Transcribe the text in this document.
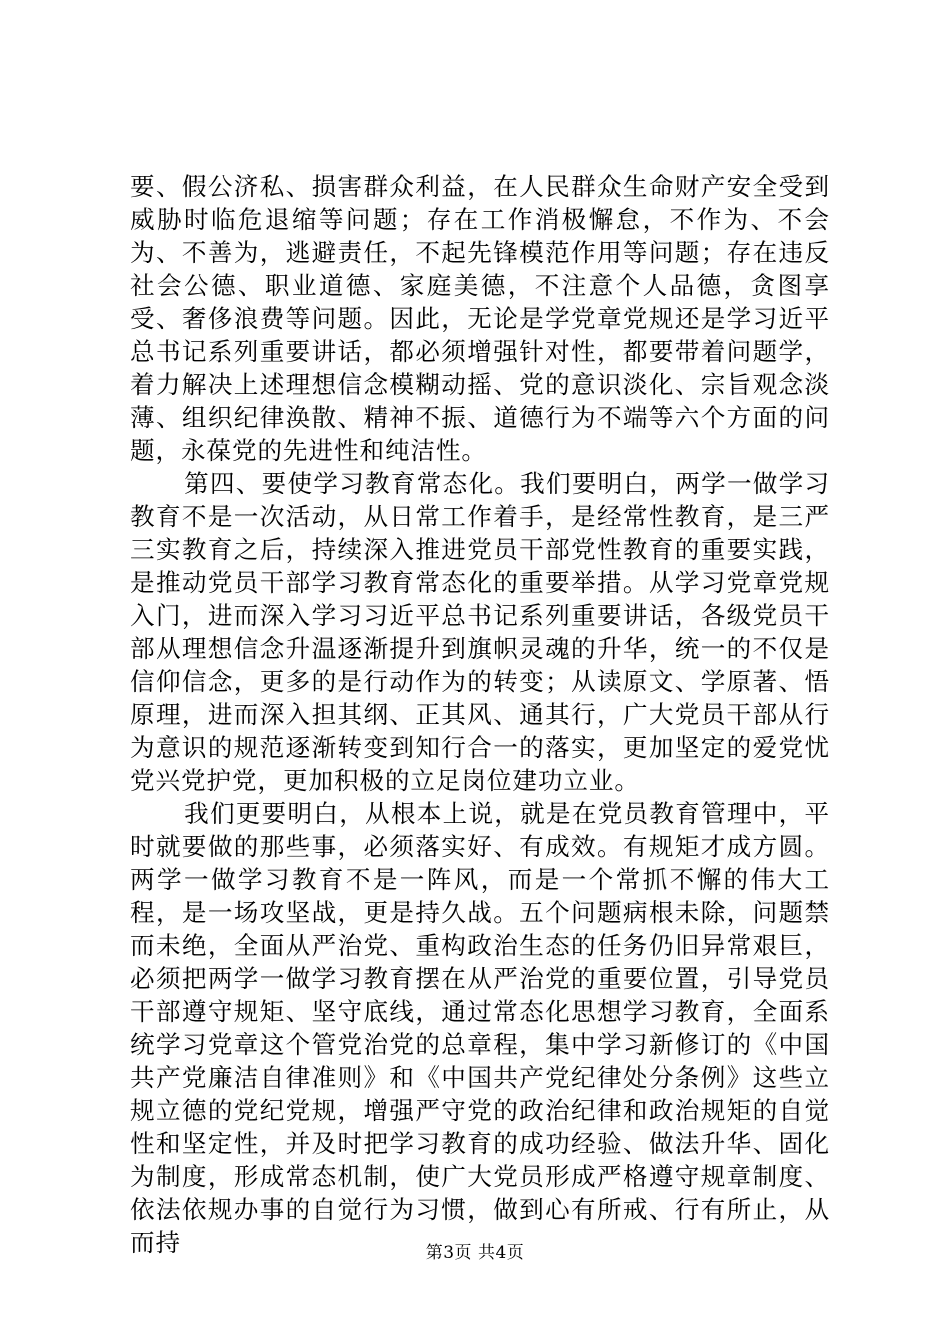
要、假公济私、损害群众利益，在人民群众生命财产安全受到威胁时临危退缩等问题；存在工作消极懈怠，不作为、不会为、不善为，逃避责任，不起先锋模范作用等问题；存在违反社会公德、职业道德、家庭美德，不注意个人品德，贪图享受、奢侈浪费等问题。因此，无论是学党章党规还是学习近平总书记系列重要讲话，都必须增强针对性，都要带着问题学，着力解决上述理想信念模糊动摇、党的意识淡化、宗旨观念淡薄、组织纪律涣散、精神不振、道德行为不端等六个方面的问题，永葆党的先进性和纯洁性。

第四、要使学习教育常态化。我们要明白，两学一做学习教育不是一次活动，从日常工作着手，是经常性教育，是三严三实教育之后，持续深入推进党员干部党性教育的重要实践，是推动党员干部学习教育常态化的重要举措。从学习党章党规入门，进而深入学习习近平总书记系列重要讲话，各级党员干部从理想信念升温逐渐提升到旗帜灵魂的升华，统一的不仅是信仰信念，更多的是行动作为的转变；从读原文、学原著、悟原理，进而深入担其纲、正其风、通其行，广大党员干部从行为意识的规范逐渐转变到知行合一的落实，更加坚定的爱党忧党兴党护党，更加积极的立足岗位建功立业。

我们更要明白，从根本上说，就是在党员教育管理中，平时就要做的那些事，必须落实好、有成效。有规矩才成方圆。两学一做学习教育不是一阵风，而是一个常抓不懈的伟大工程，是一场攻坚战，更是持久战。五个问题病根未除，问题禁而未绝，全面从严治党、重构政治生态的任务仍旧异常艰巨，必须把两学一做学习教育摆在从严治党的重要位置，引导党员干部遵守规矩、坚守底线，通过常态化思想学习教育，全面系统学习党章这个管党治党的总章程，集中学习新修订的《中国共产党廉洁自律准则》和《中国共产党纪律处分条例》这些立规立德的党纪党规，增强严守党的政治纪律和政治规矩的自觉性和坚定性，并及时把学习教育的成功经验、做法升华、固化为制度，形成常态机制，使广大党员形成严格遵守规章制度、依法依规办事的自觉行为习惯，做到心有所戒、行有所止，从而持	第3页 共4页
